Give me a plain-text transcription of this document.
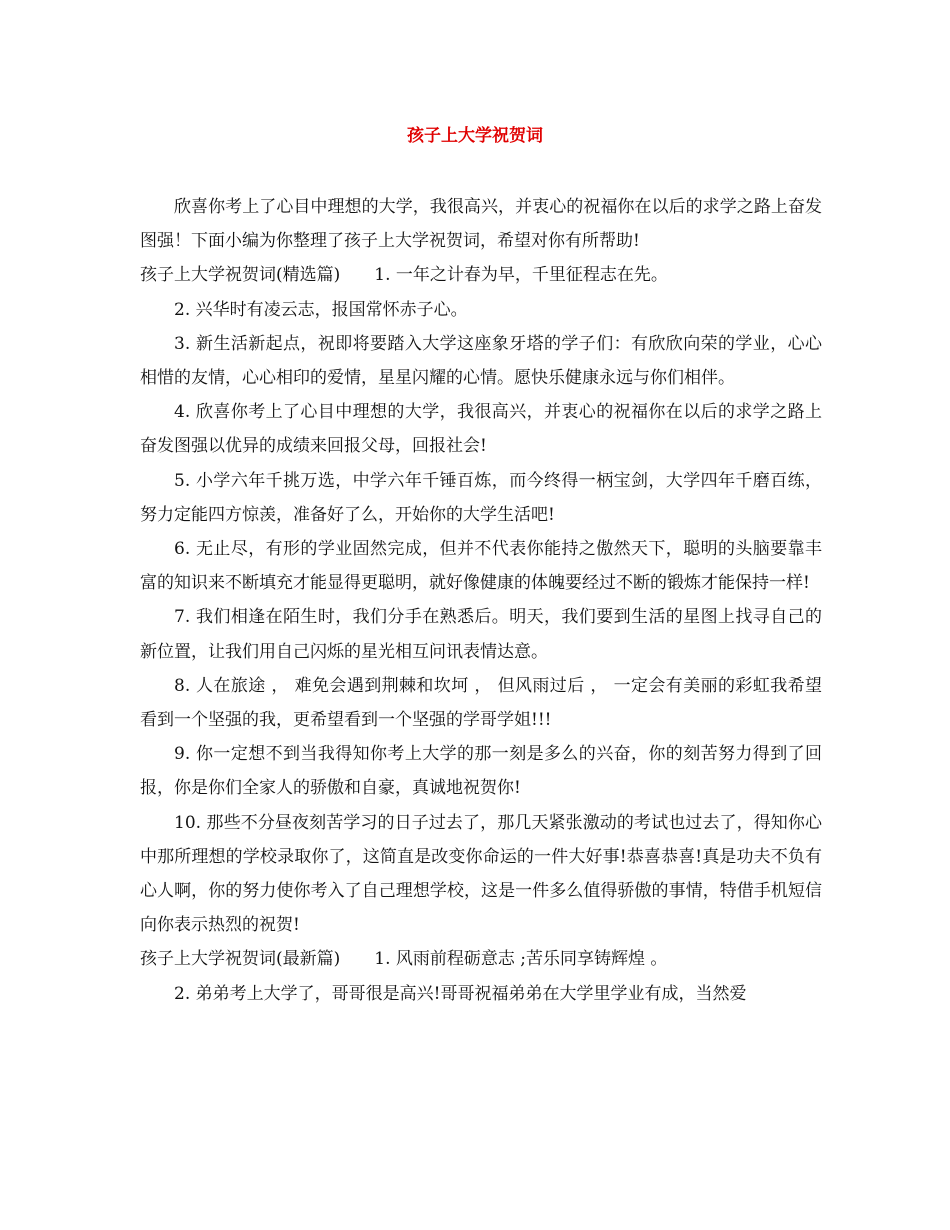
孩子上大学祝贺词

欣喜你考上了心目中理想的大学，我很高兴，并衷心的祝福你在以后的求学之路上奋发图强！下面小编为你整理了孩子上大学祝贺词，希望对你有所帮助!

孩子上大学祝贺词(精选篇) 1. 一年之计春为早，千里征程志在先。

2. 兴华时有凌云志，报国常怀赤子心。

3. 新生活新起点，祝即将要踏入大学这座象牙塔的学子们：有欣欣向荣的学业，心心相惜的友情，心心相印的爱情，星星闪耀的心情。愿快乐健康永远与你们相伴。

4. 欣喜你考上了心目中理想的大学，我很高兴，并衷心的祝福你在以后的求学之路上奋发图强以优异的成绩来回报父母，回报社会!

5. 小学六年千挑万选，中学六年千锤百炼，而今终得一柄宝剑，大学四年千磨百练，努力定能四方惊羡，准备好了么，开始你的大学生活吧!

6. 无止尽，有形的学业固然完成，但并不代表你能持之傲然天下，聪明的头脑要靠丰富的知识来不断填充才能显得更聪明，就好像健康的体魄要经过不断的锻炼才能保持一样!

7. 我们相逢在陌生时，我们分手在熟悉后。明天，我们要到生活的星图上找寻自己的新位置，让我们用自己闪烁的星光相互问讯表情达意。

8. 人在旅途 ， 难免会遇到荆棘和坎坷 ， 但风雨过后 ， 一定会有美丽的彩虹我希望看到一个坚强的我，更希望看到一个坚强的学哥学姐!!!

9. 你一定想不到当我得知你考上大学的那一刻是多么的兴奋，你的刻苦努力得到了回报，你是你们全家人的骄傲和自豪，真诚地祝贺你!

10. 那些不分昼夜刻苦学习的日子过去了，那几天紧张激动的考试也过去了，得知你心中那所理想的学校录取你了，这简直是改变你命运的一件大好事!恭喜恭喜!真是功夫不负有心人啊，你的努力使你考入了自己理想学校，这是一件多么值得骄傲的事情，特借手机短信向你表示热烈的祝贺!

孩子上大学祝贺词(最新篇) 1. 风雨前程砺意志 ;苦乐同享铸辉煌 。

2. 弟弟考上大学了，哥哥很是高兴!哥哥祝福弟弟在大学里学业有成，当然爱
